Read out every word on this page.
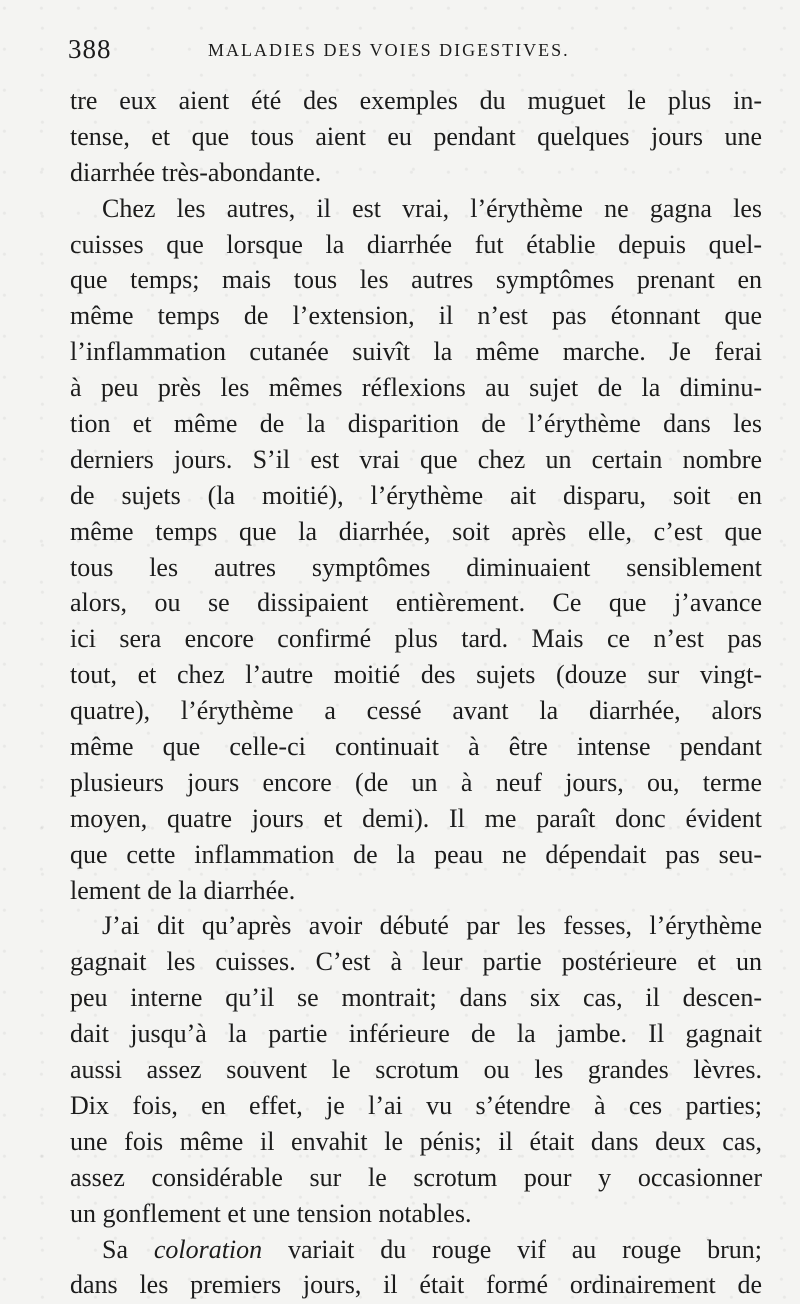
388	MALADIES DES VOIES DIGESTIVES.
tre eux aient été des exemples du muguet le plus in-
tense, et que tous aient eu pendant quelques jours une
diarrhée très-abondante.
Chez les autres, il est vrai, l’érythème ne gagna les
cuisses que lorsque la diarrhée fut établie depuis quel-
que temps; mais tous les autres symptômes prenant en
même temps de l’extension, il n’est pas étonnant que
l’inflammation cutanée suivît la même marche. Je ferai
à peu près les mêmes réflexions au sujet de la diminu-
tion et même de la disparition de l’érythème dans les
derniers jours. S’il est vrai que chez un certain nombre
de sujets (la moitié), l’érythème ait disparu, soit en
même temps que la diarrhée, soit après elle, c’est que
tous les autres symptômes diminuaient sensiblement
alors, ou se dissipaient entièrement. Ce que j’avance
ici sera encore confirmé plus tard. Mais ce n’est pas
tout, et chez l’autre moitié des sujets (douze sur vingt-
quatre), l’érythème a cessé avant la diarrhée, alors
même que celle-ci continuait à être intense pendant
plusieurs jours encore (de un à neuf jours, ou, terme
moyen, quatre jours et demi). Il me paraît donc évident
que cette inflammation de la peau ne dépendait pas seu-
lement de la diarrhée.
J’ai dit qu’après avoir débuté par les fesses, l’érythème
gagnait les cuisses. C’est à leur partie postérieure et un
peu interne qu’il se montrait; dans six cas, il descen-
dait jusqu’à la partie inférieure de la jambe. Il gagnait
aussi assez souvent le scrotum ou les grandes lèvres.
Dix fois, en effet, je l’ai vu s’étendre à ces parties;
une fois même il envahit le pénis; il était dans deux cas,
assez considérable sur le scrotum pour y occasionner
un gonflement et une tension notables.
Sa coloration variait du rouge vif au rouge brun;
dans les premiers jours, il était formé ordinairement de
